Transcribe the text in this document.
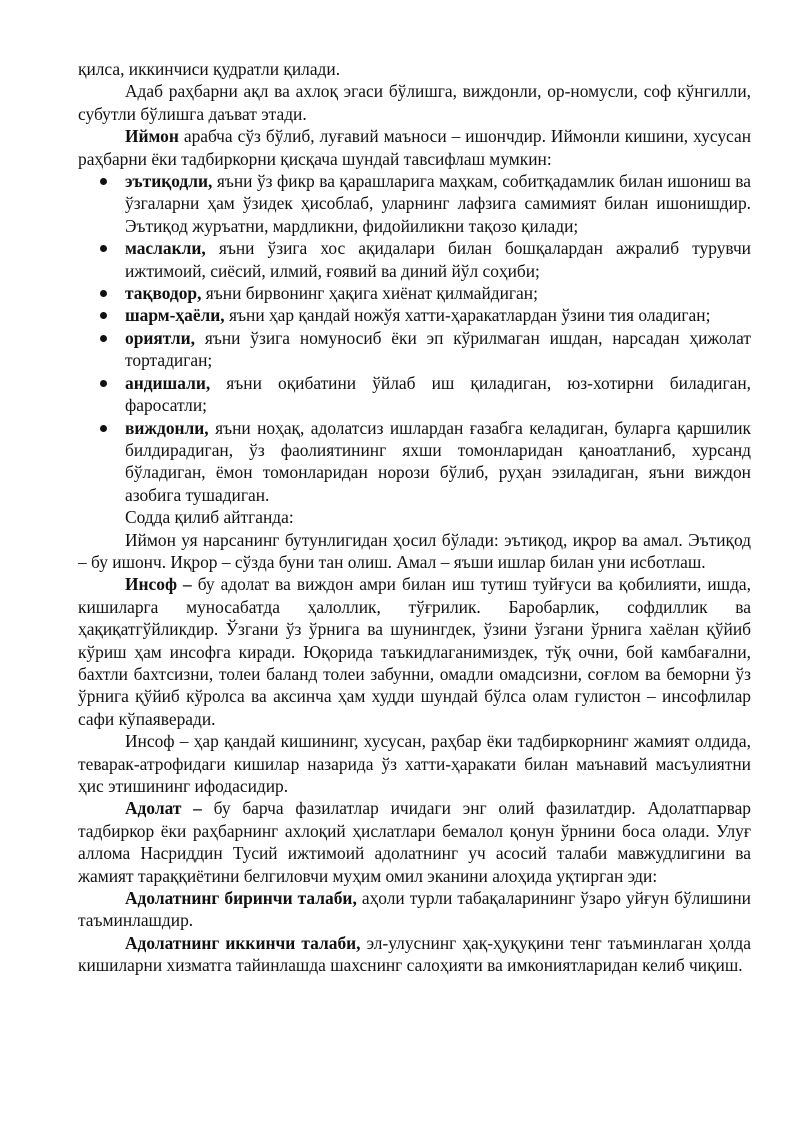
қилса, иккинчиси қудратли қилади.

Адаб раҳбарни ақл ва ахлоқ эгаси бўлишга, виждонли, ор-номусли, соф кўнгилли, субутли бўлишга даъват этади.

Иймон арабча сўз бўлиб, луғавий маъноси – ишончдир. Иймонли кишини, хусусан раҳбарни ёки тадбиркорни қисқача шундай тавсифлаш мумкин:

эътиқодли, яъни ўз фикр ва қарашларига маҳкам, собитқадамлик билан ишониш ва ўзгаларни ҳам ўзидек ҳисоблаб, уларнинг лафзига самимият билан ишонишдир. Эътиқод журъатни, мардликни, фидойиликни тақозо қилади;
маслакли, яъни ўзига хос ақидалари билан бошқалардан ажралиб турувчи ижтимоий, сиёсий, илмий, ғоявий ва диний йўл соҳиби;
тақводор, яъни бирвонинг ҳақига хиёнат қилмайдиган;
шарм-ҳаёли, яъни ҳар қандай ножўя хатти-ҳаракатлардан ўзини тия оладиган;
ориятли, яъни ўзига номуносиб ёки эп кўрилмаган ишдан, нарсадан ҳижолат тортадиган;
андишали, яъни оқибатини ўйлаб иш қиладиган, юз-хотирни биладиган, фаросатли;
виждонли, яъни ноҳақ, адолатсиз ишлардан ғазабга келадиган, буларга қаршилик билдирадиган, ўз фаолиятининг яхши томонларидан қаноатланиб, хурсанд бўладиган, ёмон томонларидан норози бўлиб, руҳан эзиладиган, яъни виждон азобига тушадиган.

Содда қилиб айтганда:

Иймон уя нарсанинг бутунлигидан ҳосил бўлади: эътиқод, иқрор ва амал. Эътиқод – бу ишонч. Иқрор – сўзда буни тан олиш. Амал – яъши ишлар билан уни исботлаш.

Инсоф – бу адолат ва виждон амри билан иш тутиш туйғуси ва қобилияти, ишда, кишиларга муносабатда ҳалоллик, тўғрилик. Баробарлик, софдиллик ва ҳақиқатгўйликдир. Ўзгани ўз ўрнига ва шунингдек, ўзини ўзгани ўрнига хаёлан қўйиб кўриш ҳам инсофга киради. Юқорида таъкидлаганимиздек, тўқ очни, бой камбағални, бахтли бахтсизни, толеи баланд толеи забунни, омадли омадсизни, соғлом ва беморни ўз ўрнига қўйиб кўролса ва аксинча ҳам худди шундай бўлса олам гулистон – инсофлилар сафи кўпаяверади.

Инсоф – ҳар қандай кишининг, хусусан, раҳбар ёки тадбиркорнинг жамият олдида, теварак-атрофидаги кишилар назарида ўз хатти-ҳаракати билан маънавий масъулиятни ҳис этишининг ифодасидир.

Адолат – бу барча фазилатлар ичидаги энг олий фазилатдир. Адолатпарвар тадбиркор ёки раҳбарнинг ахлоқий ҳислатлари бемалол қонун ўрнини боса олади. Улуғ аллома Насриддин Тусий ижтимоий адолатнинг уч асосий талаби мавжудлигини ва жамият тараққиётини белгиловчи муҳим омил эканини алоҳида уқтирган эди:

Адолатнинг биринчи талаби, аҳоли турли табақаларининг ўзаро уйғун бўлишини таъминлашдир.

Адолатнинг иккинчи талаби, эл-улуснинг ҳақ-ҳуқуқини тенг таъминлаган ҳолда кишиларни хизматга тайинлашда шахснинг салоҳияти ва имкониятларидан келиб чиқиш.
